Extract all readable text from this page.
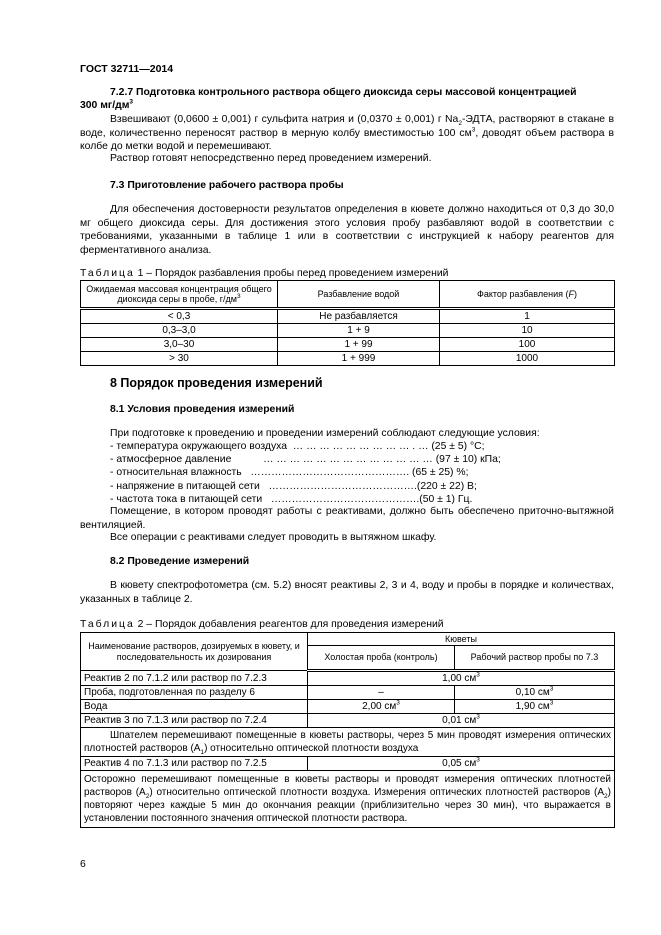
ГОСТ 32711—2014
7.2.7 Подготовка контрольного раствора общего диоксида серы массовой концентрацией
300 $мг/дм^3$
Взвешивают (0,0600 ± 0,001) г сульфита натрия и (0,0370 ± 0,001) г $Na_2$-ЭДТА, растворяют в стакане в воде, количественно переносят раствор в мерную колбу вместимостью 100 $см^3$, доводят объем раствора в колбе до метки водой и перемешивают.
Раствор готовят непосредственно перед проведением измерений.
7.3 Приготовление рабочего раствора пробы
Для обеспечения достоверности результатов определения в кювете должно находиться от 0,3 до 30,0 мг общего диоксида серы. Для достижения этого условия пробу разбавляют водой в соответствии с требованиями, указанными в таблице 1 или в соответствии с инструкцией к набору реагентов для ферментативного анализа.
Таблица 1 – Порядок разбавления пробы перед проведением измерений
Ожидаемая массовая концентрация общего диоксида серы в пробе, $г/дм^3$	Разбавление водой	Фактор разбавления (F)
< 0,3	Не разбавляется	1
0,3–3,0	1 + 9	10
3,0–30	1 + 99	100
> 30	1 + 999	1000
8 Порядок проведения измерений
8.1 Условия проведения измерений
При подготовке к проведению и проведении измерений соблюдают следующие условия:
- температура окружающего воздуха  … … … … … … … … … . … (25 ± 5) °С;
- атмосферное давление           … … … … … … … … … … … … … (97 ± 10) кПа;
- относительная влажность   ………………………………………. (65 ± 25) %;
- напряжение в питающей сети   …………………………………….(220 ± 22) В;
- частота тока в питающей сети   …………………………………….(50 ± 1) Гц.
Помещение, в котором проводят работы с реактивами, должно быть обеспечено приточно-вытяжной вентиляцией.
Все операции с реактивами следует проводить в вытяжном шкафу.
8.2 Проведение измерений
В кювету спектрофотометра (см. 5.2) вносят реактивы 2, 3 и 4, воду и пробы в порядке и количествах, указанных в таблице 2.
Таблица 2 – Порядок добавления реагентов для проведения измерений
Наименование растворов, дозируемых в кювету, и последовательность их дозирования	Кюветы	
	Холостая проба (контроль)	Рабочий раствор пробы по 7.3
Реактив 2 по 7.1.2 или раствор по 7.2.3	1,00 $см^3$
Проба, подготовленная по разделу 6	–	0,10 $см^3$
Вода	2,00 $см^3$	1,90 $см^3$
Реактив 3 по 7.1.3 или раствор по 7.2.4	0,01 $см^3$
Шпателем перемешивают помещенные в кюветы растворы, через 5 мин проводят измерения оптических плотностей растворов $(A_1)$ относительно оптической плотности воздуха		
Реактив 4 по 7.1.3 или раствор по 7.2.5	0,05 $см^3$
Осторожно перемешивают помещенные в кюветы растворы и проводят измерения оптических плотностей растворов $(A_2)$ относительно оптической плотности воздуха. Измерения оптических плотностей растворов $(A_2)$ повторяют через каждые 5 мин до окончания реакции (приблизительно через 30 мин), что выражается в установлении постоянного значения оптической плотности раствора.		
6
